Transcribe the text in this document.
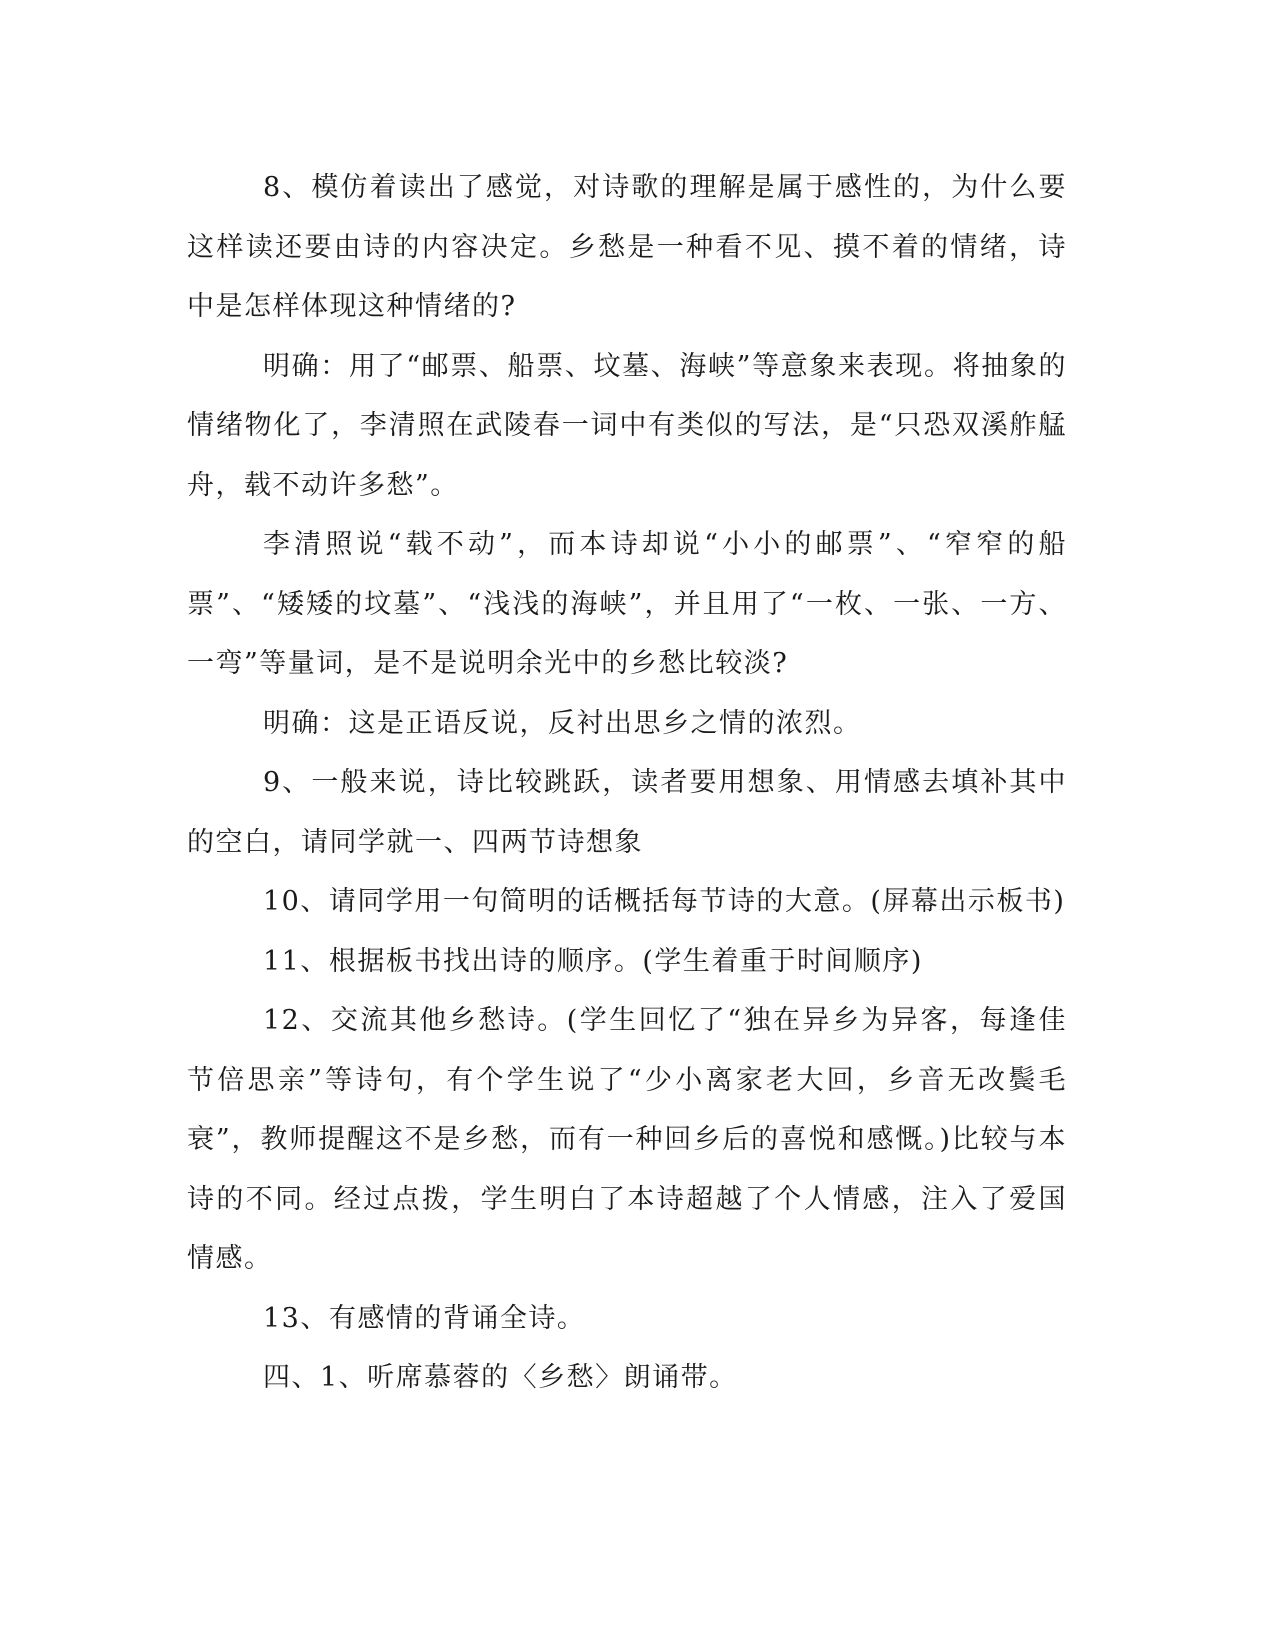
8、模仿着读出了感觉，对诗歌的理解是属于感性的，为什么要这样读还要由诗的内容决定。乡愁是一种看不见、摸不着的情绪，诗中是怎样体现这种情绪的?

明确：用了“邮票、船票、坟墓、海峡”等意象来表现。将抽象的情绪物化了，李清照在武陵春一词中有类似的写法，是“只恐双溪舴艋舟，载不动许多愁”。

李清照说“载不动”，而本诗却说“小小的邮票”、“窄窄的船票”、“矮矮的坟墓”、“浅浅的海峡”，并且用了“一枚、一张、一方、一弯”等量词，是不是说明余光中的乡愁比较淡?

明确：这是正语反说，反衬出思乡之情的浓烈。

9、一般来说，诗比较跳跃，读者要用想象、用情感去填补其中的空白，请同学就一、四两节诗想象

10、请同学用一句简明的话概括每节诗的大意。(屏幕出示板书)

11、根据板书找出诗的顺序。(学生着重于时间顺序)

12、交流其他乡愁诗。(学生回忆了“独在异乡为异客，每逢佳节倍思亲”等诗句，有个学生说了“少小离家老大回，乡音无改鬓毛衰”，教师提醒这不是乡愁，而有一种回乡后的喜悦和感慨。)比较与本诗的不同。经过点拨，学生明白了本诗超越了个人情感，注入了爱国情感。

13、有感情的背诵全诗。

四、1、听席慕蓉的〈乡愁〉朗诵带。
